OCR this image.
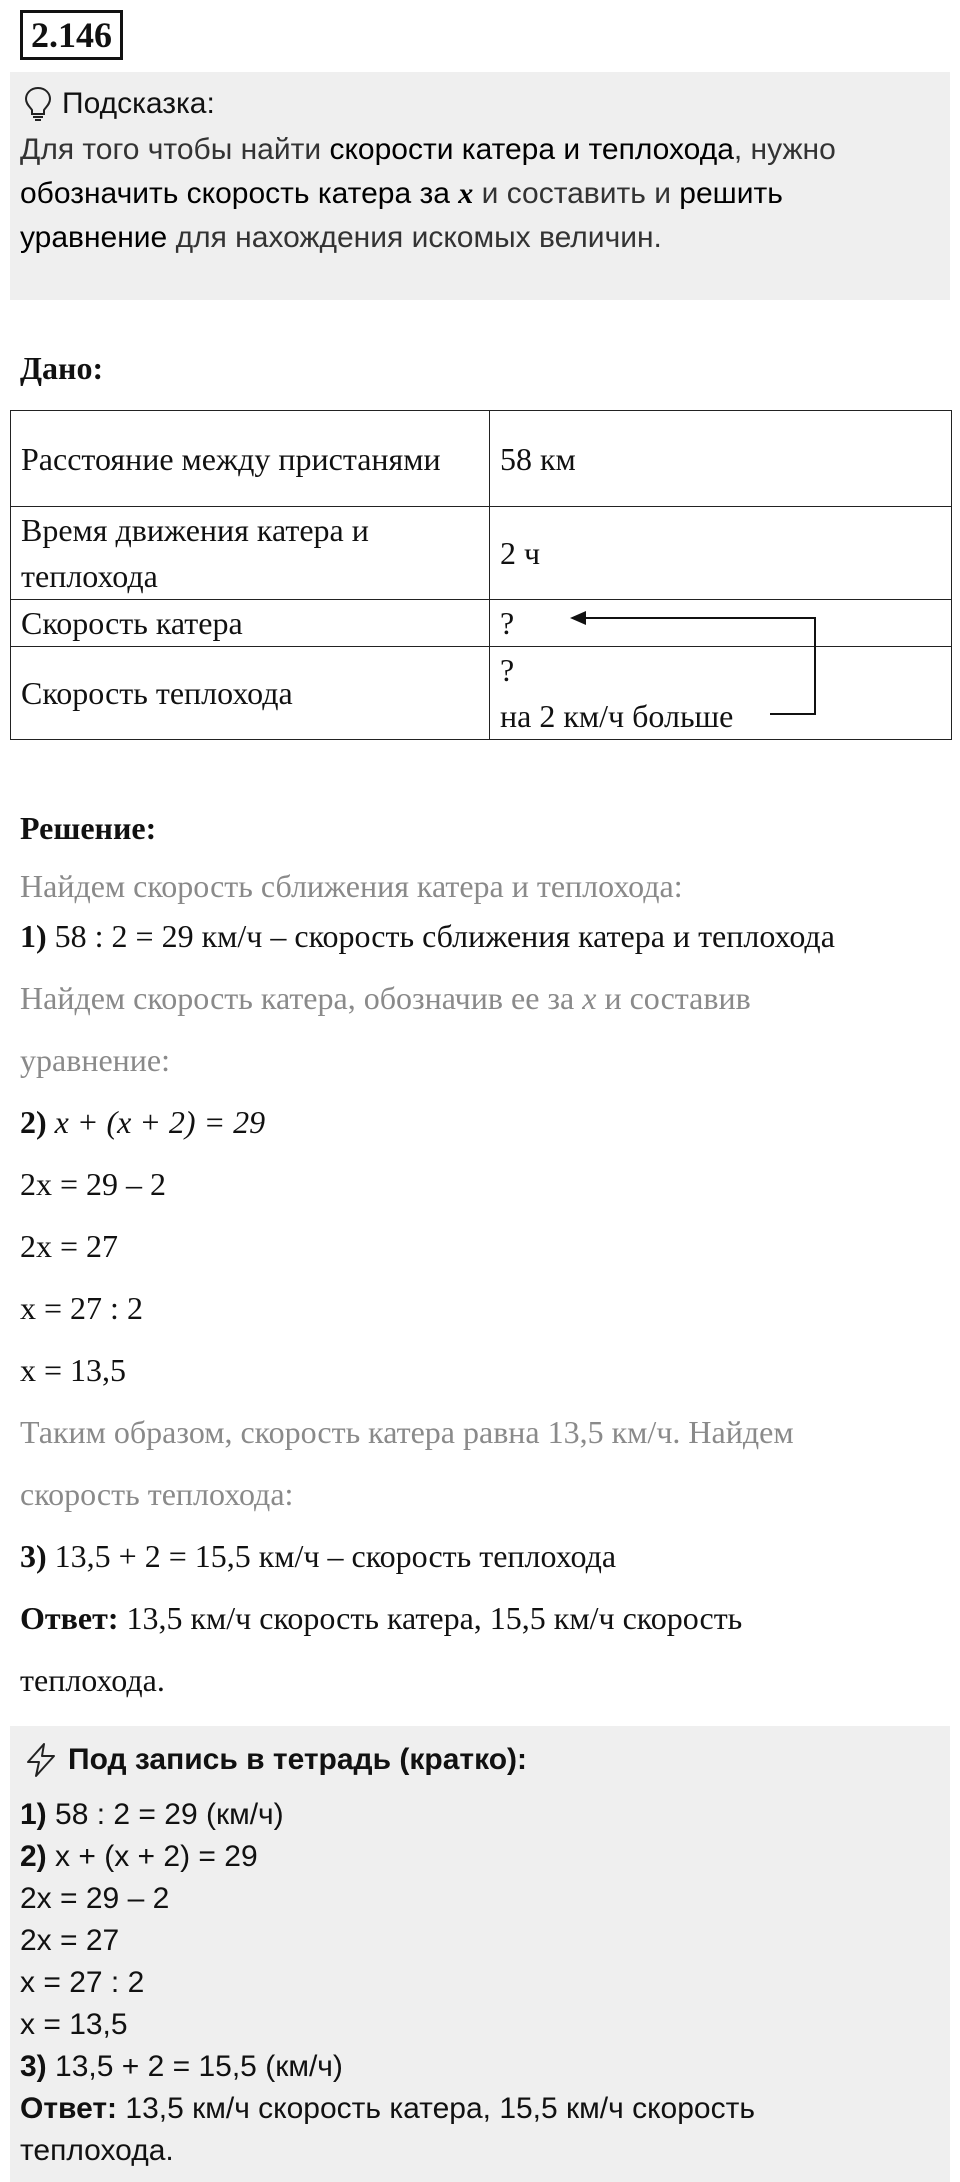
2.146
Подсказка:
Для того чтобы найти скорости катера и теплохода, нужно
обозначить скорость катера за x и составить и решить
уравнение для нахождения искомых величин.
Дано:
Расстояние между пристанями	58 км
Время движения катера и теплохода	2 ч
Скорость катера	?
Скорость теплохода	?
на 2 км/ч больше
Решение:
Найдем скорость сближения катера и теплохода:
1) 58 : 2 = 29 км/ч – скорость сближения катера и теплохода
Найдем скорость катера, обозначив ее за x и составив
уравнение:
2) x + (x + 2) = 29
2x = 29 – 2
2x = 27
x = 27 : 2
x = 13,5
Таким образом, скорость катера равна 13,5 км/ч. Найдем
скорость теплохода:
3) 13,5 + 2 = 15,5 км/ч – скорость теплохода
Ответ: 13,5 км/ч скорость катера, 15,5 км/ч скорость
теплохода.
Под запись в тетрадь (кратко):
1) 58 : 2 = 29 (км/ч)
2) x + (x + 2) = 29
2x = 29 – 2
2x = 27
x = 27 : 2
x = 13,5
3) 13,5 + 2 = 15,5 (км/ч)
Ответ: 13,5 км/ч скорость катера, 15,5 км/ч скорость
теплохода.
